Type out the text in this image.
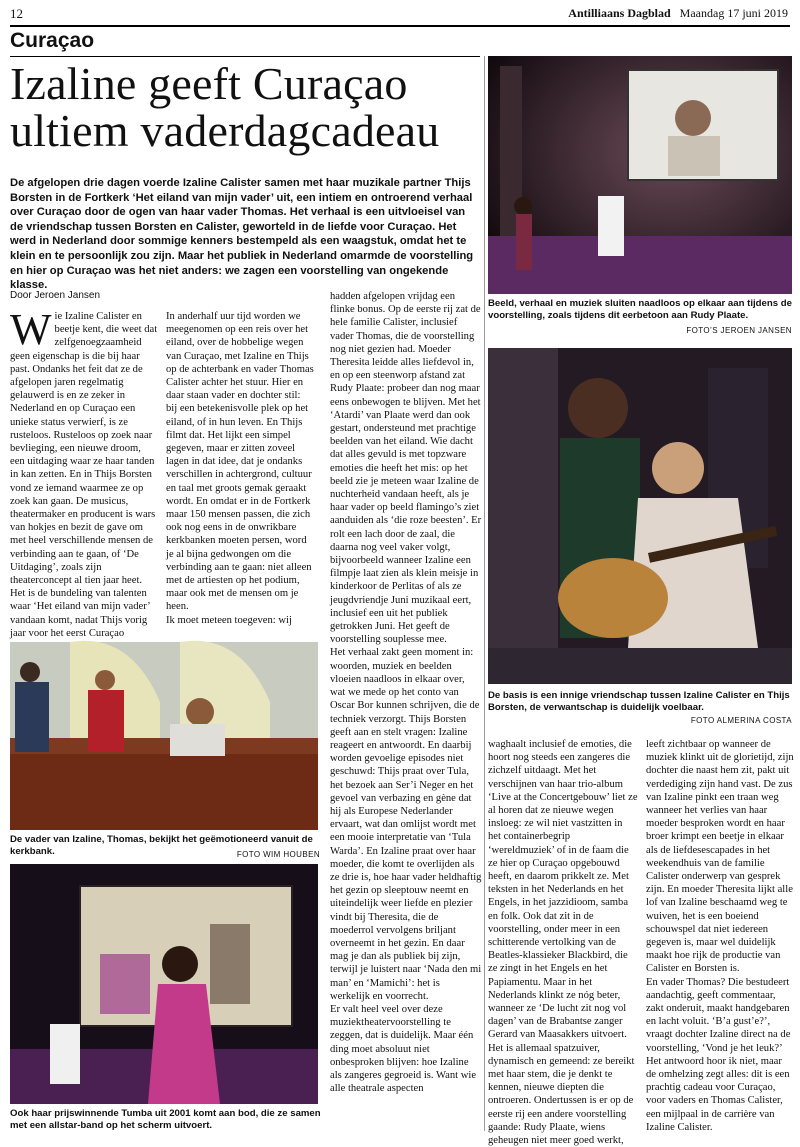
12	Antilliaans Dagblad Maandag 17 juni 2019
Curaçao
Izaline geeft Curaçao ultiem vaderdagcadeau

De afgelopen drie dagen voerde Izaline Calister samen met haar muzikale partner Thijs Borsten in de Fortkerk ‘Het eiland van mijn vader’ uit, een intiem en ontroerend verhaal over Curaçao door de ogen van haar vader Thomas. Het verhaal is een uitvloeisel van de vriendschap tussen Borsten en Calister, geworteld in de liefde voor Curaçao. Het werd in Nederland door sommige kenners bestempeld als een waagstuk, omdat het te klein en te persoonlijk zou zijn. Maar het publiek in Nederland omarmde de voorstelling en hier op Curaçao was het niet anders: we zagen een voorstelling van ongekende klasse.

Door Jeroen Jansen
W ie Izaline Calister en beetje kent, die weet dat zelfgenoegzaamheid geen eigenschap is die bij haar past. Ondanks het feit dat ze de afgelopen jaren regelmatig gelauwerd is en ze zeker in Nederland en op Curaçao een unieke status verwierf, is ze rusteloos. Rusteloos op zoek naar bevlieging, een nieuwe droom, een uitdaging waar ze haar tanden in kan zetten. En in Thijs Borsten vond ze iemand waarmee ze op zoek kan gaan. De musicus, theatermaker en producent is wars van hokjes en bezit de gave om met heel verschillende mensen de verbinding aan te gaan, of ‘De Uitdaging’, zoals zijn theaterconcept al tien jaar heet. Het is de bundeling van talenten waar ‘Het eiland van mijn vader’ vandaan komt, nadat Thijs vorig jaar voor het eerst Curaçao
In anderhalf uur tijd worden we meegenomen op een reis over het eiland, over de hobbelige wegen van Curaçao, met Izaline en Thijs op de achterbank en vader Thomas Calister achter het stuur. Hier en daar staan vader en dochter stil: bij een betekenisvolle plek op het eiland, of in hun leven. En Thijs filmt dat. Het lijkt een simpel gegeven, maar er zitten zoveel lagen in dat idee, dat je ondanks verschillen in achtergrond, cultuur en taal met groots gemak geraakt wordt. En omdat er in de Fortkerk maar 150 mensen passen, die zich ook nog eens in de onwrikbare kerkbanken moeten persen, word je al bijna gedwongen om die verbinding aan te gaan: niet alleen met de artiesten op het podium, maar ook met de mensen om je heen.
Ik moet meteen toegeven: wij
hadden afgelopen vrijdag een flinke bonus. Op de eerste rij zat de hele familie Calister, inclusief vader Thomas, die de voorstelling nog niet gezien had. Moeder Theresita leidde alles liefdevol in, en op een steenworp afstand zat Rudy Plaate: probeer dan nog maar eens onbewogen te blijven. Met het ‘Atardi’ van Plaate werd dan ook gestart, ondersteund met prachtige beelden van het eiland. Wie dacht dat alles gevuld is met topzware emoties die heeft het mis: op het beeld zie je meteen waar Izaline de nuchterheid vandaan heeft, als je haar vader op beeld flamingo’s ziet aanduiden als ‘die roze beesten’. Er rolt een lach door de zaal, die daarna nog veel vaker volgt, bijvoorbeeld wanneer Izaline een filmpje laat zien als klein meisje in kinderkoor de Perlitas of als ze jeugdvriendje Juni muzikaal eert, inclusief een uit het publiek getrokken Juni. Het geeft de voorstelling souplesse mee.
Het verhaal zakt geen moment in: woorden, muziek en beelden vloeien naadloos in elkaar over, wat we mede op het conto van Oscar Bor kunnen schrijven, die de techniek verzorgt. Thijs Borsten geeft aan en stelt vragen: Izaline reageert en antwoordt. En daarbij worden gevoelige episodes niet geschuwd: Thijs praat over Tula, het bezoek aan Ser’i Neger en het gevoel van verbazing en gène dat hij als Europese Nederlander ervaart, wat dan omlijst wordt met een mooie interpretatie van ‘Tula Warda’. En Izaline praat over haar moeder, die komt te overlijden als ze drie is, hoe haar vader heldhaftig het gezin op sleeptouw neemt en uiteindelijk weer liefde en plezier vindt bij Theresita, die de moederrol vervolgens briljant overneemt in het gezin. En daar mag je dan als publiek bij zijn, terwijl je luistert naar ‘Nada den mi man’ en ‘Mamichi’: het is werkelijk en voorrecht.
Er valt heel veel over deze muziektheatervoorstelling te zeggen, dat is duidelijk. Maar één ding moet absoluut niet onbesproken blijven: hoe Izaline als zangeres gegroeid is. Want wie alle theatrale aspecten
waghaalt inclusief de emoties, die hoort nog steeds een zangeres die zichzelf uitdaagt. Met het verschijnen van haar trio-album ‘Live at the Concertgebouw’ liet ze al horen dat ze nieuwe wegen insloeg: ze wil niet vastzitten in het containerbegrip ‘wereldmuziek’ of in de faam die ze hier op Curaçao opgebouwd heeft, en daarom prikkelt ze. Met teksten in het Nederlands en het Engels, in het jazzidioom, samba en folk. Ook dat zit in de voorstelling, onder meer in een schitterende vertolking van de Beatles-klassieker Blackbird, die ze zingt in het Engels en het Papiamentu. Maar in het Nederlands klinkt ze nóg beter, wanneer ze ‘De lucht zit nog vol dagen’ van de Brabantse zanger Gerard van Maasakkers uitvoert. Het is allemaal spatzuiver, dynamisch en gemeend: ze bereikt met haar stem, die je denkt te kennen, nieuwe diepten die ontroeren. Ondertussen is er op de eerste rij een andere voorstelling gaande: Rudy Plaate, wiens geheugen niet meer goed werkt,
leeft zichtbaar op wanneer de muziek klinkt uit de glorietijd, zijn dochter die naast hem zit, pakt uit verdediging zijn hand vast. De zus van Izaline pinkt een traan weg wanneer het verlies van haar moeder besproken wordt en haar broer krimpt een beetje in elkaar als de liefdesescapades in het weekendhuis van de familie Calister onderwerp van gesprek zijn. En moeder Theresita lijkt alle lof van Izaline beschaamd weg te wuiven, het is een boeiend schouwspel dat niet iedereen gegeven is, maar wel duidelijk maakt hoe rijk de productie van Calister en Borsten is.
En vader Thomas? Die bestudeert aandachtig, geeft commentaar, zakt onderuit, maakt handgebaren en lacht voluit. ‘B’a gust’e?’, vraagt dochter Izaline direct na de voorstelling, ‘Vond je het leuk?’ Het antwoord hoor ik niet, maar de omhelzing zegt alles: dit is een prachtig cadeau voor Curaçao, voor vaders en Thomas Calister, een mijlpaal in de carrière van Izaline Calister.
Beeld, verhaal en muziek sluiten naadloos op elkaar aan tijdens de voorstelling, zoals tijdens dit eerbetoon aan Rudy Plaate.
FOTO’S JEROEN JANSEN
De basis is een innige vriendschap tussen Izaline Calister en Thijs Borsten, de verwantschap is duidelijk voelbaar.
FOTO ALMERINA COSTA
De vader van Izaline, Thomas, bekijkt het geëmotioneerd vanuit de kerkbank.	FOTO WIM HOUBEN
Ook haar prijswinnende Tumba uit 2001 komt aan bod, die ze samen met een allstar-band op het scherm uitvoert.
